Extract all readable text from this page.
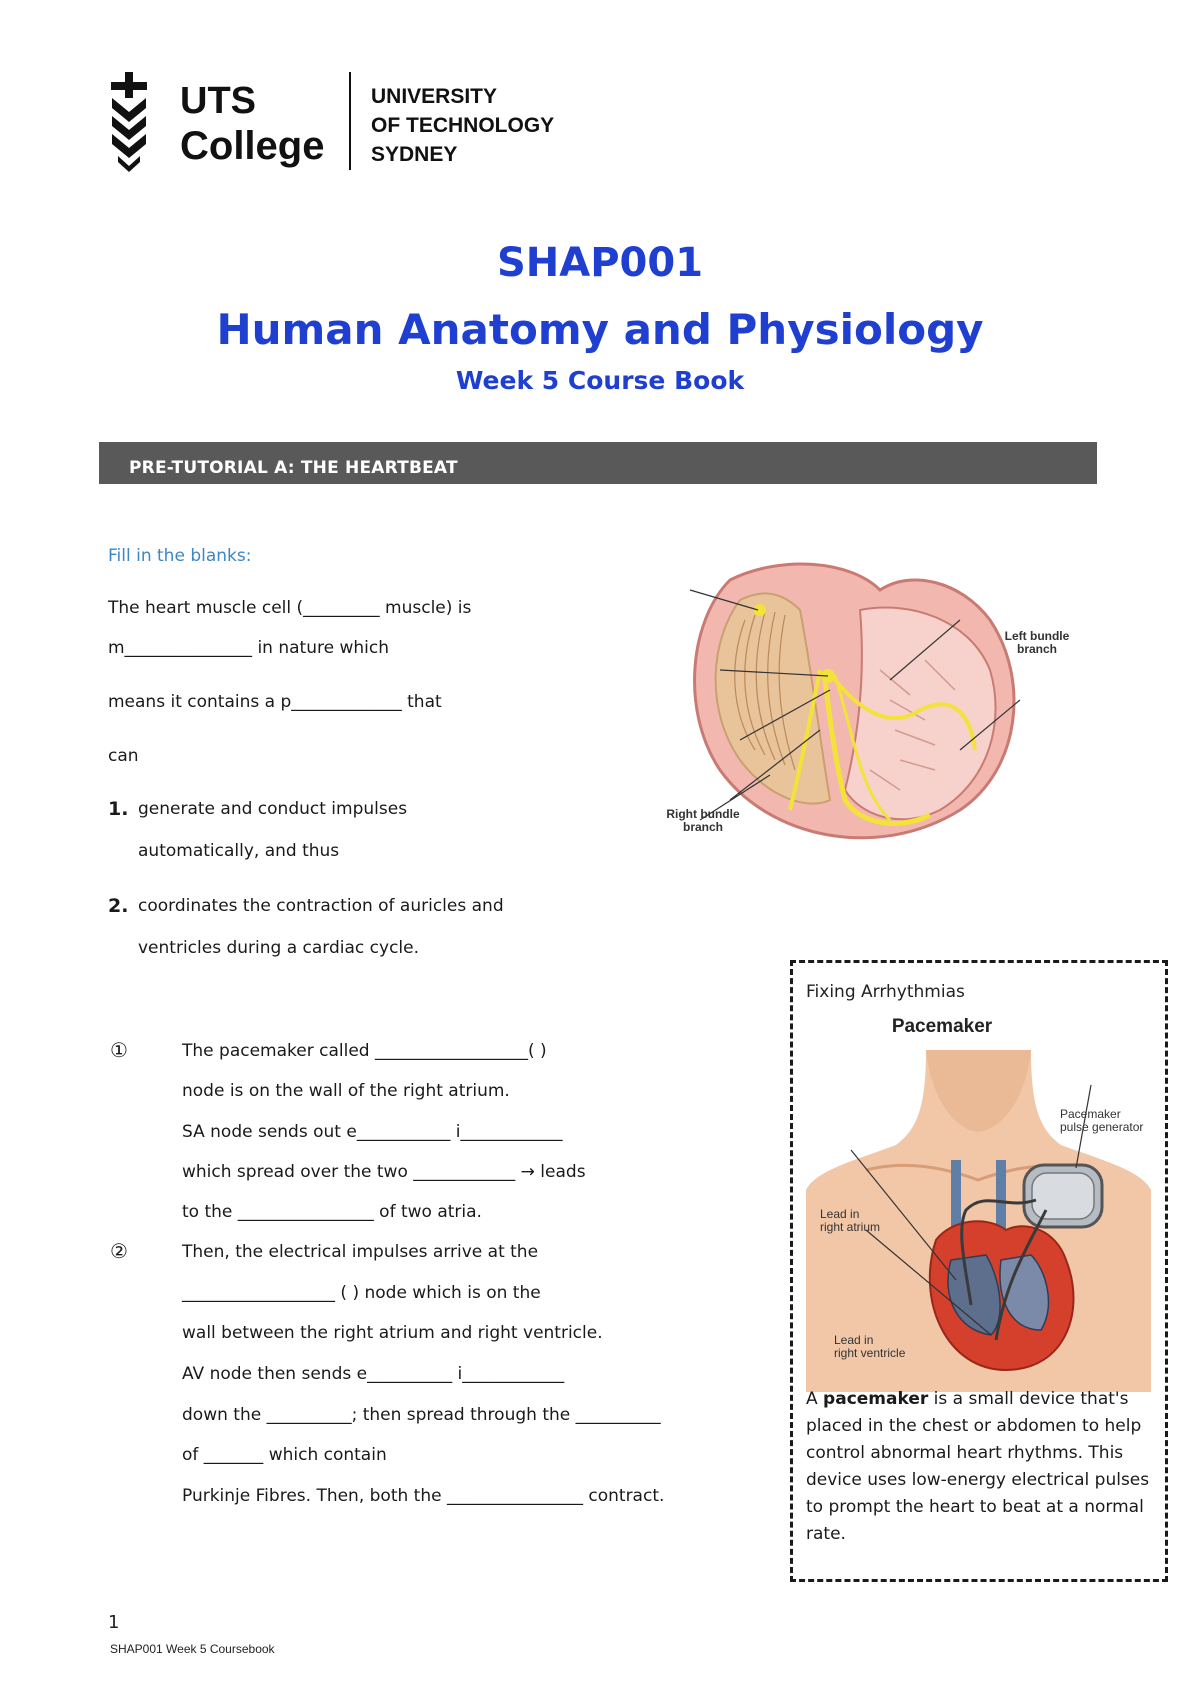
UTS
College
UNIVERSITY
OF TECHNOLOGY
SYDNEY
SHAP001
Human Anatomy and Physiology
Week 5 Course Book
PRE-TUTORIAL A: THE HEARTBEAT
Fill in the blanks:
The heart muscle cell (_________ muscle) is
m_______________ in nature which
means it contains a p_____________ that
can
1. generate and conduct impulses
automatically, and thus
2. coordinates the contraction of auricles and
ventricles during a cardiac cycle.
Left bundle
branch
Right bundle
branch
①	The pacemaker called __________________( )
node is on the wall of the right atrium.
SA node sends out e___________ i____________
which spread over the two ____________ → leads
to the ________________ of two atria.
②	Then, the electrical impulses arrive at the
__________________ ( ) node which is on the
wall between the right atrium and right ventricle.
AV node then sends e__________ i____________
down the __________; then spread through the __________
of _______ which contain
Purkinje Fibres. Then, both the ________________ contract.
Fixing Arrhythmias
Pacemaker
Pacemaker
pulse generator
Lead in
right atrium
Lead in
right ventricle
A pacemaker is a small device that's placed in the chest or abdomen to help control abnormal heart rhythms. This device uses low-energy electrical pulses to prompt the heart to beat at a normal rate.
1
SHAP001 Week 5 Coursebook
